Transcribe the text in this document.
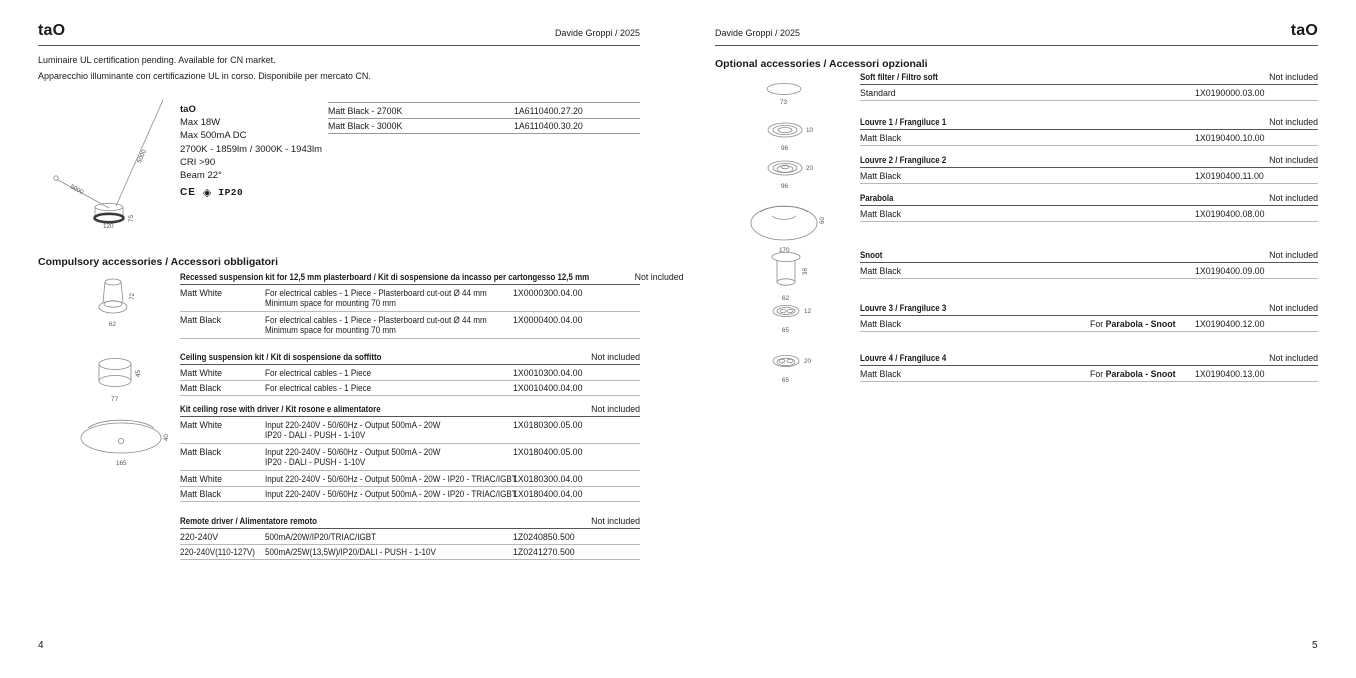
taO	Davide Groppi / 2025
Luminaire UL certification pending. Available for CN market.
Apparecchio illuminante con certificazione UL in corso. Disponibile per mercato CN.
5000
5000
75
120
taO
Max 18W
Max 500mA DC
2700K - 1859lm / 3000K - 1943lm
CRI >90
Beam 22°
CE ◈ IP20
Matt Black - 2700K	1A6110400.27.20
Matt Black - 3000K	1A6110400.30.20
Compulsory accessories / Accessori obbligatori
72
62
45
77
40
165
Recessed suspension kit for 12,5 mm plasterboard / Kit di sospensione da incasso per cartongesso 12,5 mm	Not included
Matt White	For electrical cables - 1 Piece - Plasterboard cut-out Ø 44 mm
Minimum space for mounting 70 mm
1X0000300.04.00
Matt Black	For electrical cables - 1 Piece - Plasterboard cut-out Ø 44 mm
Minimum space for mounting 70 mm
1X0000400.04.00
Ceiling suspension kit / Kit di sospensione da soffitto	Not included
Matt White	For electrical cables - 1 Piece	1X0010300.04.00
Matt Black	For electrical cables - 1 Piece	1X0010400.04.00
Kit ceiling rose with driver / Kit rosone e alimentatore	Not included
Matt White	Input 220-240V - 50/60Hz - Output 500mA - 20W
IP20 - DALI - PUSH - 1-10V
1X0180300.05.00
Matt Black	Input 220-240V - 50/60Hz - Output 500mA - 20W
IP20 - DALI - PUSH - 1-10V
1X0180400.05.00
Matt White	Input 220-240V - 50/60Hz - Output 500mA - 20W - IP20 - TRIAC/IGBT
1X0180300.04.00
Matt Black	Input 220-240V - 50/60Hz - Output 500mA - 20W - IP20 - TRIAC/IGBT
1X0180400.04.00
Remote driver / Alimentatore remoto	Not included
220-240V	500mA/20W/IP20/TRIAC/IGBT	1Z0240850.500
220-240V(110-127V)	500mA/25W(13,5W)/IP20/DALI - PUSH - 1-10V	1Z0241270.500
4
Davide Groppi / 2025	taO
Optional accessories / Accessori opzionali
73
10
96
20
96
60
170
36
62
12
65
20
65
Soft filter / Filtro soft	Not included
Standard	1X0190000.03.00
Louvre 1 / Frangiluce 1	Not included
Matt Black	1X0190400.10.00
Louvre 2 / Frangiluce 2	Not included
Matt Black	1X0190400.11.00
Parabola	Not included
Matt Black	1X0190400.08.00
Snoot	Not included
Matt Black	1X0190400.09.00
Louvre 3 / Frangiluce 3	Not included
Matt Black	For Parabola - Snoot	1X0190400.12.00
Louvre 4 / Frangiluce 4	Not included
Matt Black	For Parabola - Snoot	1X0190400.13.00
5
